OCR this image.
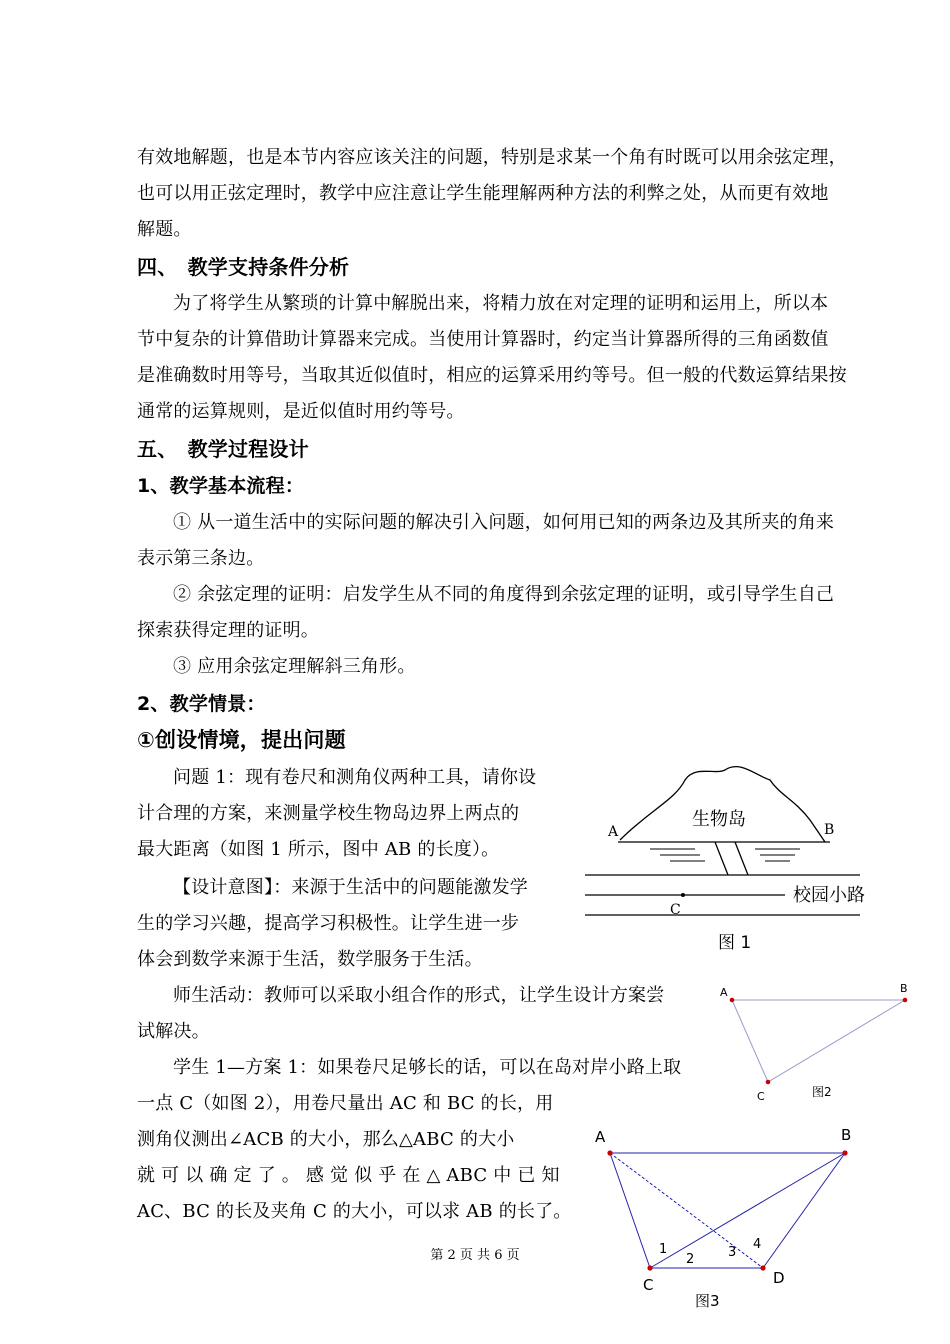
有效地解题，也是本节内容应该关注的问题，特别是求某一个角有时既可以用余弦定理，

也可以用正弦定理时，教学中应注意让学生能理解两种方法的利弊之处，从而更有效地

解题。

四、　教学支持条件分析

为了将学生从繁琐的计算中解脱出来，将精力放在对定理的证明和运用上，所以本

节中复杂的计算借助计算器来完成。当使用计算器时，约定当计算器所得的三角函数值

是准确数时用等号，当取其近似值时，相应的运算采用约等号。但一般的代数运算结果按

通常的运算规则，是近似值时用约等号。

五、　教学过程设计

1、教学基本流程：

① 从一道生活中的实际问题的解决引入问题，如何用已知的两条边及其所夹的角来

表示第三条边。

② 余弦定理的证明：启发学生从不同的角度得到余弦定理的证明，或引导学生自己

探索获得定理的证明。

③ 应用余弦定理解斜三角形。

2、教学情景：

①创设情境，提出问题

问题 1：现有卷尺和测角仪两种工具，请你设

计合理的方案，来测量学校生物岛边界上两点的

最大距离（如图 1 所示，图中 AB 的长度）。

【设计意图】：来源于生活中的问题能激发学

生的学习兴趣，提高学习积极性。让学生进一步

体会到数学来源于生活，数学服务于生活。

师生活动：教师可以采取小组合作的形式，让学生设计方案尝

试解决。

学生 1—方案 1：如果卷尺足够长的话，可以在岛对岸小路上取

一点 C（如图 2），用卷尺量出 AC 和 BC 的长，用

测角仪测出∠ACB 的大小，那么△ABC 的大小

就 可 以 确 定 了 。 感 觉 似 乎 在 △ ABC 中 已 知

AC、BC 的长及夹角 C 的大小，可以求 AB 的长了。

生物岛
A	B
C
校园小路
图 1
A	B
C	图2
A	B
C	D
1
2	3
4
图3
第 2 页 共 6 页
